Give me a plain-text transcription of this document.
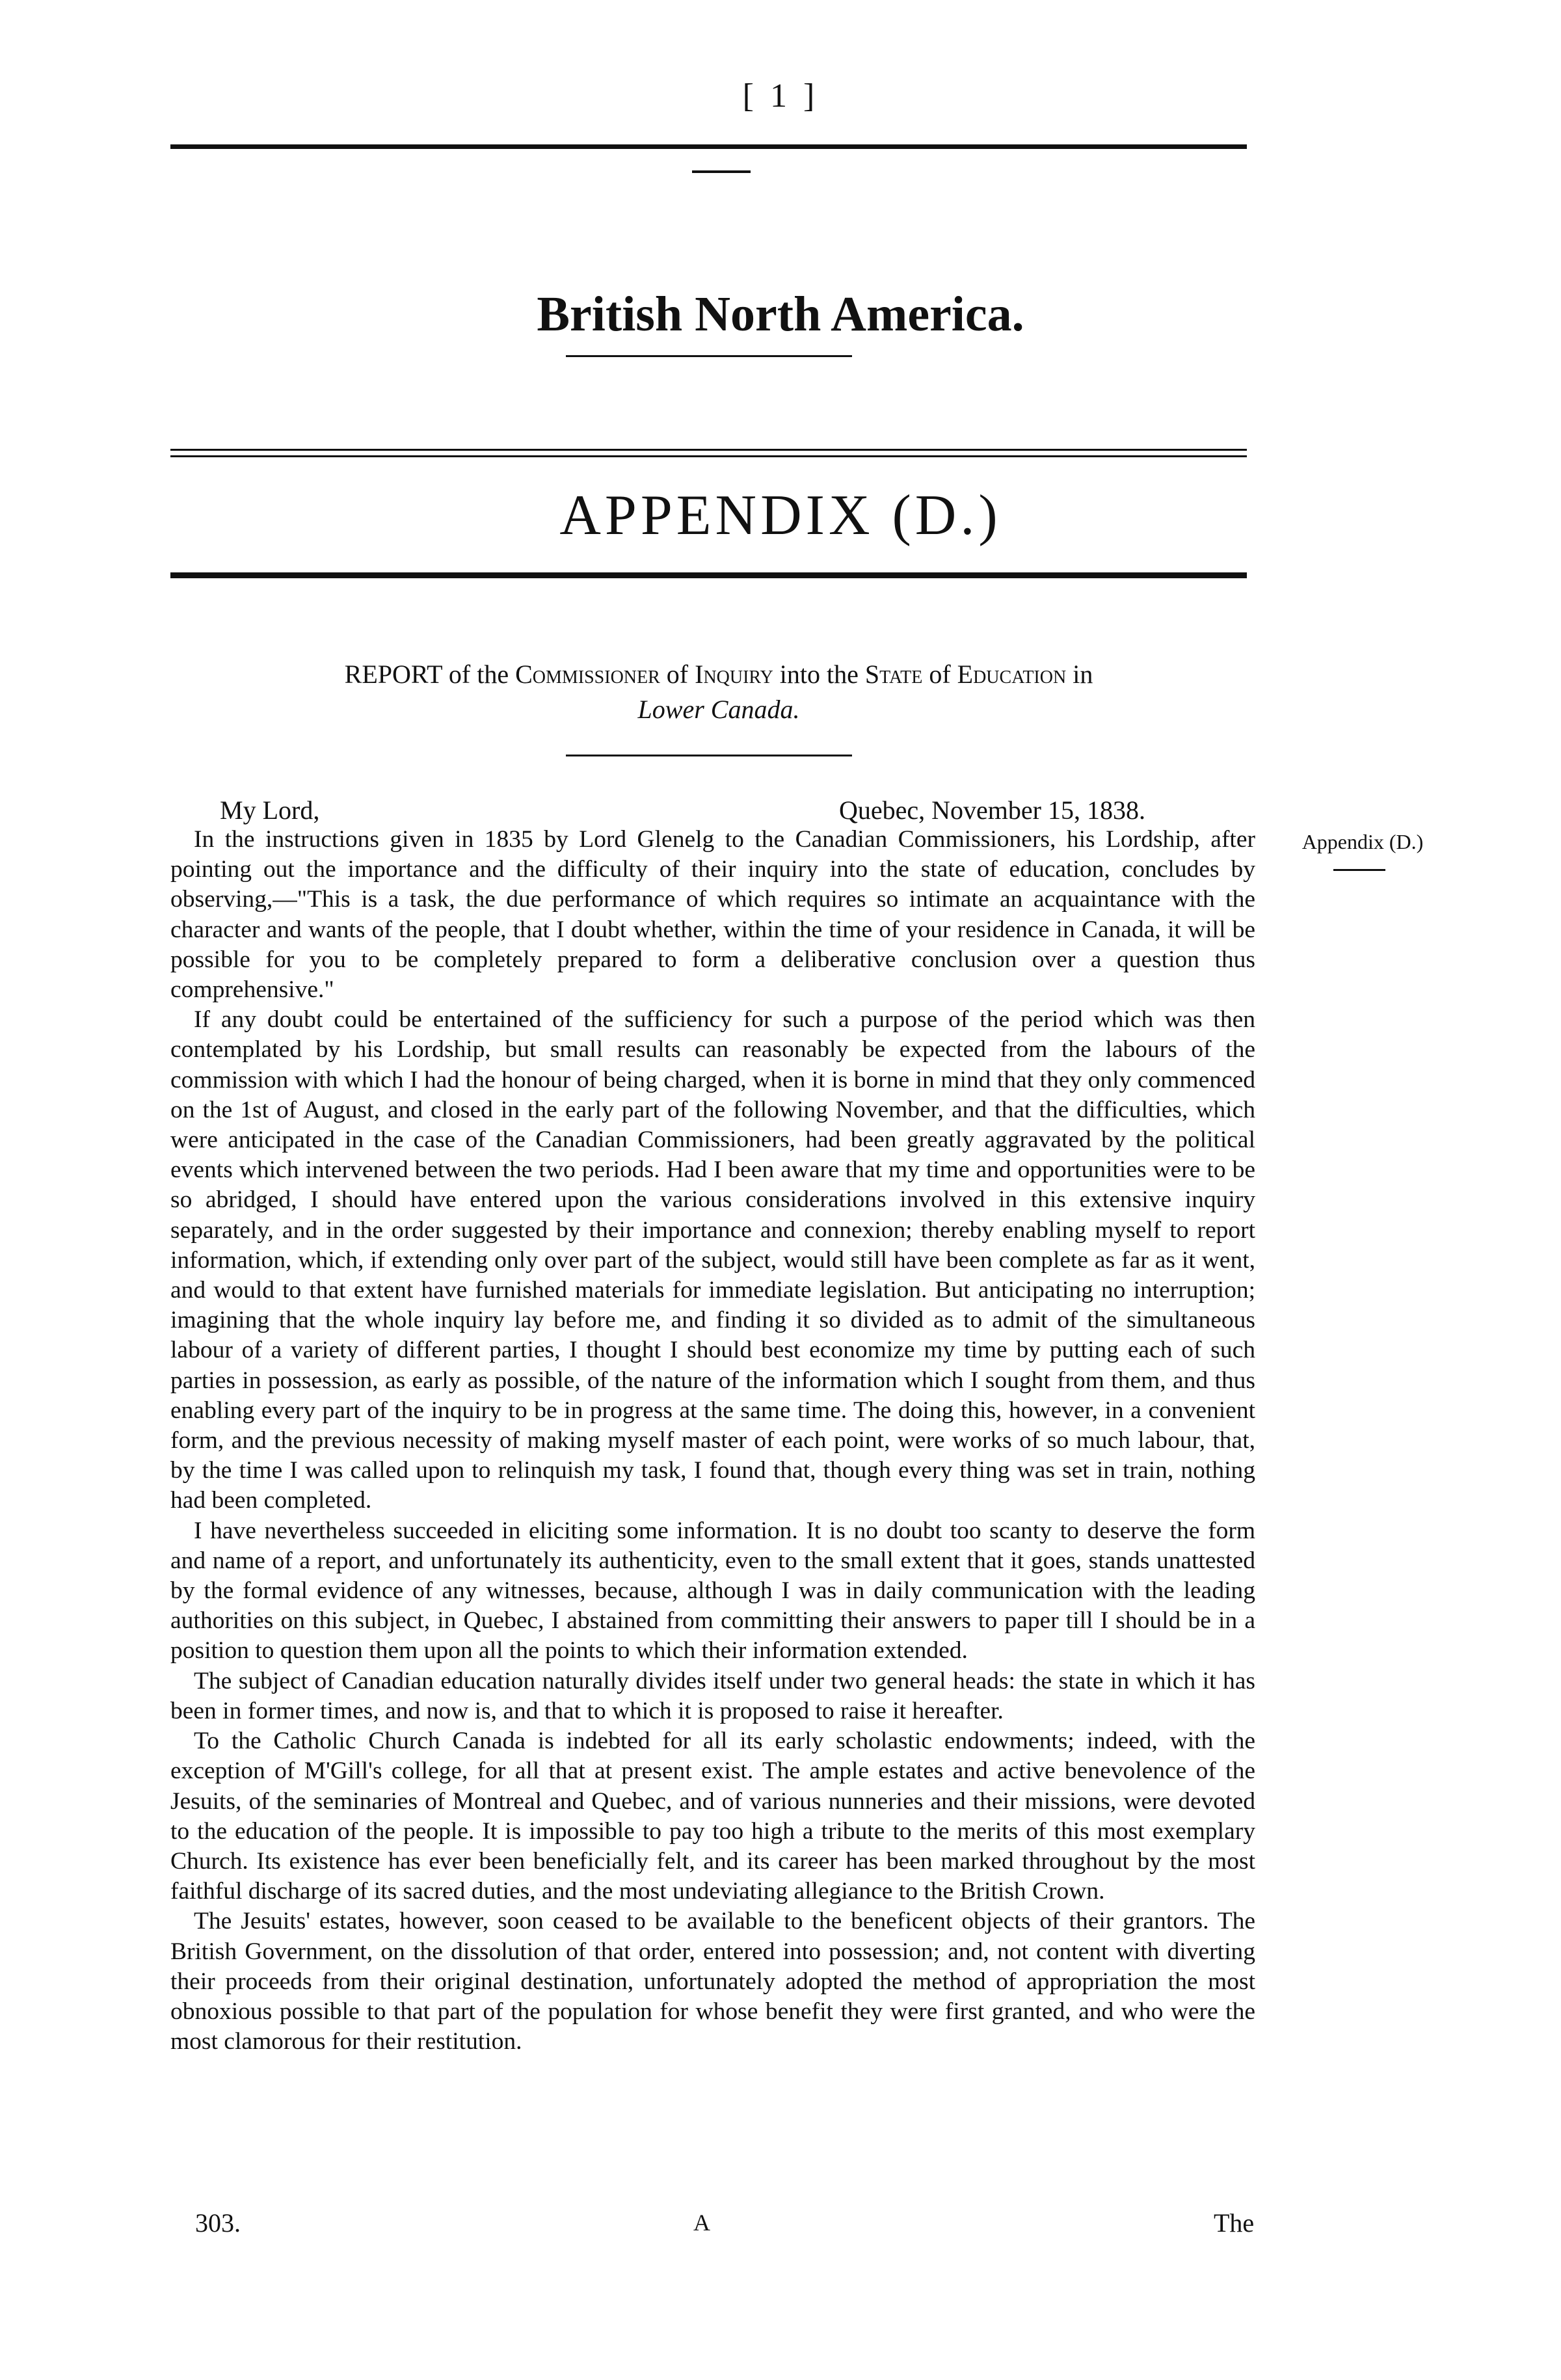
[ 1 ]
British North America.
APPENDIX (D.)
REPORT of the Commissioner of Inquiry into the State of Education in
Lower Canada.
My Lord,	Quebec, November 15, 1838.
Appendix (D.)

In the instructions given in 1835 by Lord Glenelg to the Canadian Commissioners, his Lordship, after pointing out the importance and the difficulty of their inquiry into the state of education, concludes by observing,—"This is a task, the due performance of which requires so intimate an acquaintance with the character and wants of the people, that I doubt whether, within the time of your residence in Canada, it will be possible for you to be completely prepared to form a deliberative conclusion over a question thus comprehensive."

If any doubt could be entertained of the sufficiency for such a purpose of the period which was then contemplated by his Lordship, but small results can reasonably be expected from the labours of the commission with which I had the honour of being charged, when it is borne in mind that they only commenced on the 1st of August, and closed in the early part of the following November, and that the difficulties, which were anticipated in the case of the Canadian Commissioners, had been greatly aggravated by the political events which intervened between the two periods. Had I been aware that my time and opportunities were to be so abridged, I should have entered upon the various considerations involved in this extensive inquiry separately, and in the order suggested by their importance and connexion; thereby enabling myself to report information, which, if extending only over part of the subject, would still have been complete as far as it went, and would to that extent have furnished materials for immediate legislation. But anticipating no interruption; imagining that the whole inquiry lay before me, and finding it so divided as to admit of the simultaneous labour of a variety of different parties, I thought I should best economize my time by putting each of such parties in possession, as early as possible, of the nature of the information which I sought from them, and thus enabling every part of the inquiry to be in progress at the same time. The doing this, however, in a convenient form, and the previous necessity of making myself master of each point, were works of so much labour, that, by the time I was called upon to relinquish my task, I found that, though every thing was set in train, nothing had been completed.

I have nevertheless succeeded in eliciting some information. It is no doubt too scanty to deserve the form and name of a report, and unfortunately its authenticity, even to the small extent that it goes, stands unattested by the formal evidence of any witnesses, because, although I was in daily communication with the leading authorities on this subject, in Quebec, I abstained from committing their answers to paper till I should be in a position to question them upon all the points to which their information extended.

The subject of Canadian education naturally divides itself under two general heads: the state in which it has been in former times, and now is, and that to which it is proposed to raise it hereafter.

To the Catholic Church Canada is indebted for all its early scholastic endowments; indeed, with the exception of M'Gill's college, for all that at present exist. The ample estates and active benevolence of the Jesuits, of the seminaries of Montreal and Quebec, and of various nunneries and their missions, were devoted to the education of the people. It is impossible to pay too high a tribute to the merits of this most exemplary Church. Its existence has ever been beneficially felt, and its career has been marked throughout by the most faithful discharge of its sacred duties, and the most undeviating allegiance to the British Crown.

The Jesuits' estates, however, soon ceased to be available to the beneficent objects of their grantors. The British Government, on the dissolution of that order, entered into possession; and, not content with diverting their proceeds from their original destination, unfortunately adopted the method of appropriation the most obnoxious possible to that part of the population for whose benefit they were first granted, and who were the most clamorous for their restitution.

303.	A	The
